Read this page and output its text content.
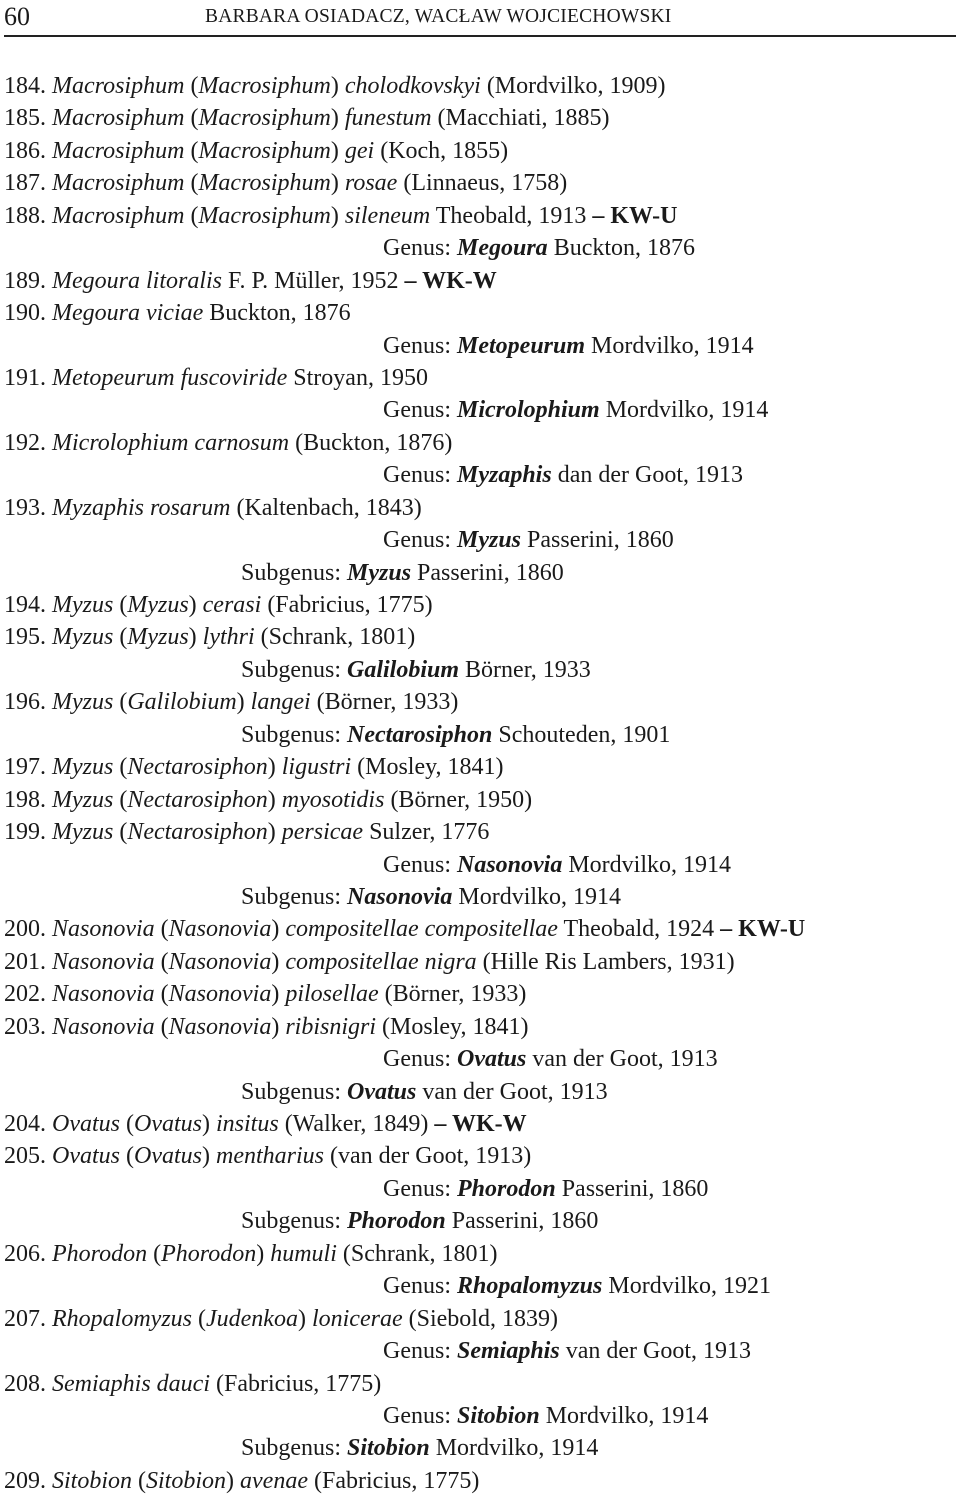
60	BARBARA OSIADACZ, WACŁAW WOJCIECHOWSKI
184. Macrosiphum (Macrosiphum) cholodkovskyi (Mordvilko, 1909)
185. Macrosiphum (Macrosiphum) funestum (Macchiati, 1885)
186. Macrosiphum (Macrosiphum) gei (Koch, 1855)
187. Macrosiphum (Macrosiphum) rosae (Linnaeus, 1758)
188. Macrosiphum (Macrosiphum) sileneum Theobald, 1913 – KW-U
Genus: Megoura Buckton, 1876
189. Megoura litoralis F. P. Müller, 1952 – WK-W
190. Megoura viciae Buckton, 1876
Genus: Metopeurum Mordvilko, 1914
191. Metopeurum fuscoviride Stroyan, 1950
Genus: Microlophium Mordvilko, 1914
192. Microlophium carnosum (Buckton, 1876)
Genus: Myzaphis dan der Goot, 1913
193. Myzaphis rosarum (Kaltenbach, 1843)
Genus: Myzus Passerini, 1860
Subgenus: Myzus Passerini, 1860
194. Myzus (Myzus) cerasi (Fabricius, 1775)
195. Myzus (Myzus) lythri (Schrank, 1801)
Subgenus: Galilobium Börner, 1933
196. Myzus (Galilobium) langei (Börner, 1933)
Subgenus: Nectarosiphon Schouteden, 1901
197. Myzus (Nectarosiphon) ligustri (Mosley, 1841)
198. Myzus (Nectarosiphon) myosotidis (Börner, 1950)
199. Myzus (Nectarosiphon) persicae Sulzer, 1776
Genus: Nasonovia Mordvilko, 1914
Subgenus: Nasonovia Mordvilko, 1914
200. Nasonovia (Nasonovia) compositellae compositellae Theobald, 1924 – KW-U
201. Nasonovia (Nasonovia) compositellae nigra (Hille Ris Lambers, 1931)
202. Nasonovia (Nasonovia) pilosellae (Börner, 1933)
203. Nasonovia (Nasonovia) ribisnigri (Mosley, 1841)
Genus: Ovatus van der Goot, 1913
Subgenus: Ovatus van der Goot, 1913
204. Ovatus (Ovatus) insitus (Walker, 1849) – WK-W
205. Ovatus (Ovatus) mentharius (van der Goot, 1913)
Genus: Phorodon Passerini, 1860
Subgenus: Phorodon Passerini, 1860
206. Phorodon (Phorodon) humuli (Schrank, 1801)
Genus: Rhopalomyzus Mordvilko, 1921
207. Rhopalomyzus (Judenkoa) lonicerae (Siebold, 1839)
Genus: Semiaphis van der Goot, 1913
208. Semiaphis dauci (Fabricius, 1775)
Genus: Sitobion Mordvilko, 1914
Subgenus: Sitobion Mordvilko, 1914
209. Sitobion (Sitobion) avenae (Fabricius, 1775)
